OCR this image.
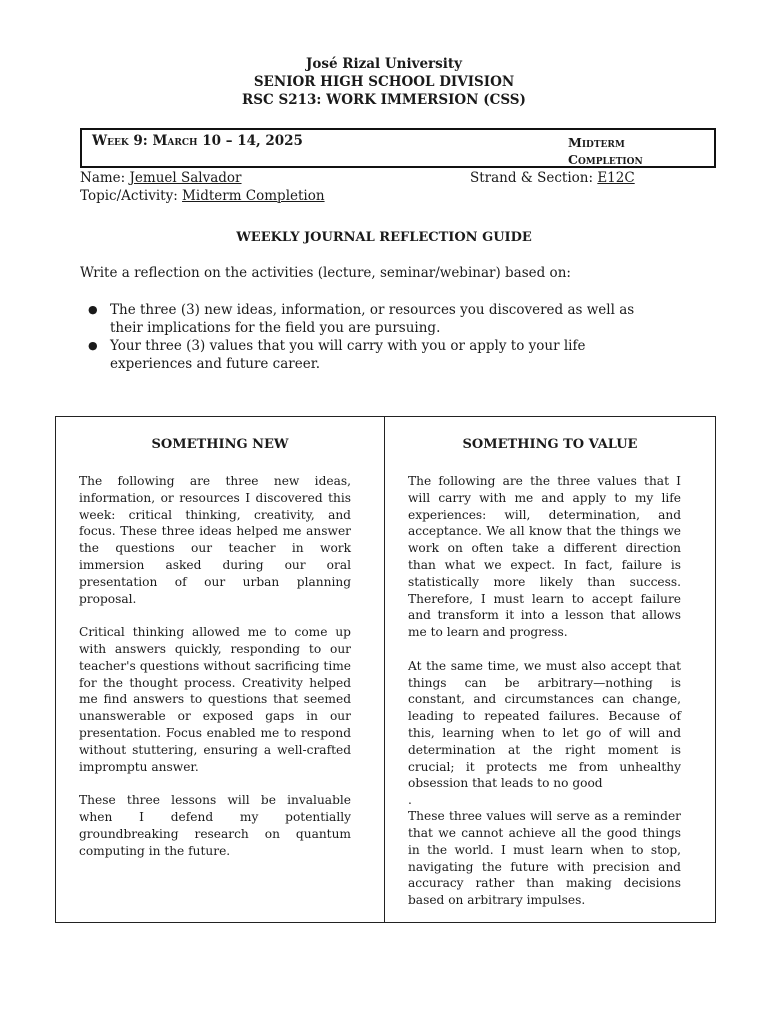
José Rizal University
SENIOR HIGH SCHOOL DIVISION
RSC S213: WORK IMMERSION (CSS)
Week 9: March 10 – 14, 2025	Midterm
Completion
Name: Jemuel Salvador	Strand & Section: E12C
Topic/Activity: Midterm Completion
WEEKLY JOURNAL REFLECTION GUIDE
Write a reflection on the activities (lecture, seminar/webinar) based on:
● The three (3) new ideas, information, or resources you discovered as well as their implications for the field you are pursuing.
● Your three (3) values that you will carry with you or apply to your life experiences and future career.
SOMETHING NEW

The following are three new ideas, information, or resources I discovered this week: critical thinking, creativity, and focus. These three ideas helped me answer the questions our teacher in work immersion asked during our oral presentation of our urban planning proposal.

Critical thinking allowed me to come up with answers quickly, responding to our teacher's questions without sacrificing time for the thought process. Creativity helped me find answers to questions that seemed unanswerable or exposed gaps in our presentation. Focus enabled me to respond without stuttering, ensuring a well-crafted impromptu answer.

These three lessons will be invaluable when I defend my potentially groundbreaking research on quantum computing in the future.

SOMETHING TO VALUE

The following are the three values that I will carry with me and apply to my life experiences: will, determination, and acceptance. We all know that the things we work on often take a different direction than what we expect. In fact, failure is statistically more likely than success. Therefore, I must learn to accept failure and transform it into a lesson that allows me to learn and progress.

At the same time, we must also accept that things can be arbitrary—nothing is constant, and circumstances can change, leading to repeated failures. Because of this, learning when to let go of will and determination at the right moment is crucial; it protects me from unhealthy obsession that leads to no good

.

These three values will serve as a reminder that we cannot achieve all the good things in the world. I must learn when to stop, navigating the future with precision and accuracy rather than making decisions based on arbitrary impulses.
